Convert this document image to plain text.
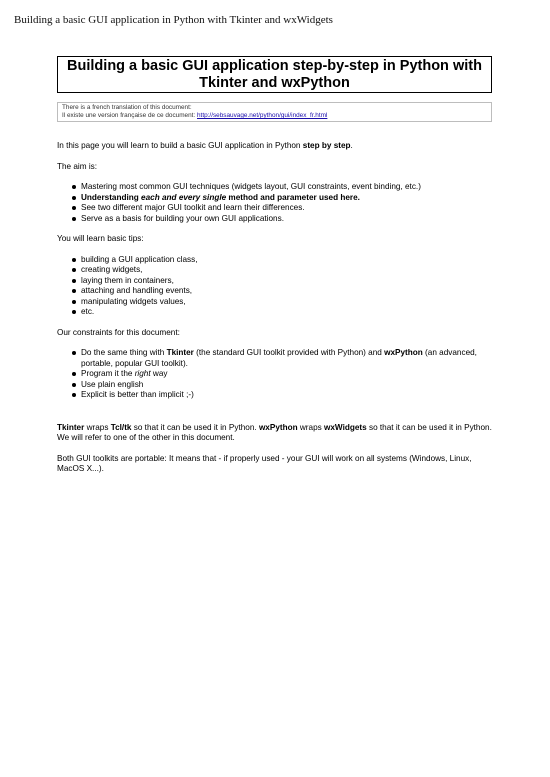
Building a basic GUI application in Python with Tkinter and wxWidgets
Building a basic GUI application step-by-step in Python with
Tkinter and wxPython
There is a french translation of this document:
Il existe une version française de ce document: http://sebsauvage.net/python/gui/index_fr.html

In this page you will learn to build a basic GUI application in Python step by step.

The aim is:

Mastering most common GUI techniques (widgets layout, GUI constraints, event binding, etc.)
Understanding each and every single method and parameter used here.
See two different major GUI toolkit and learn their differences.
Serve as a basis for building your own GUI applications.

You will learn basic tips:

building a GUI application class,
creating widgets,
laying them in containers,
attaching and handling events,
manipulating widgets values,
etc.

Our constraints for this document:

Do the same thing with Tkinter (the standard GUI toolkit provided with Python) and wxPython (an advanced, portable, popular GUI toolkit).
Program it the right way
Use plain english
Explicit is better than implicit ;-)

Tkinter wraps Tcl/tk so that it can be used it in Python. wxPython wraps wxWidgets so that it can be used it in Python.
We will refer to one of the other in this document.

Both GUI toolkits are portable: It means that - if properly used - your GUI will work on all systems (Windows, Linux, MacOS X...).
